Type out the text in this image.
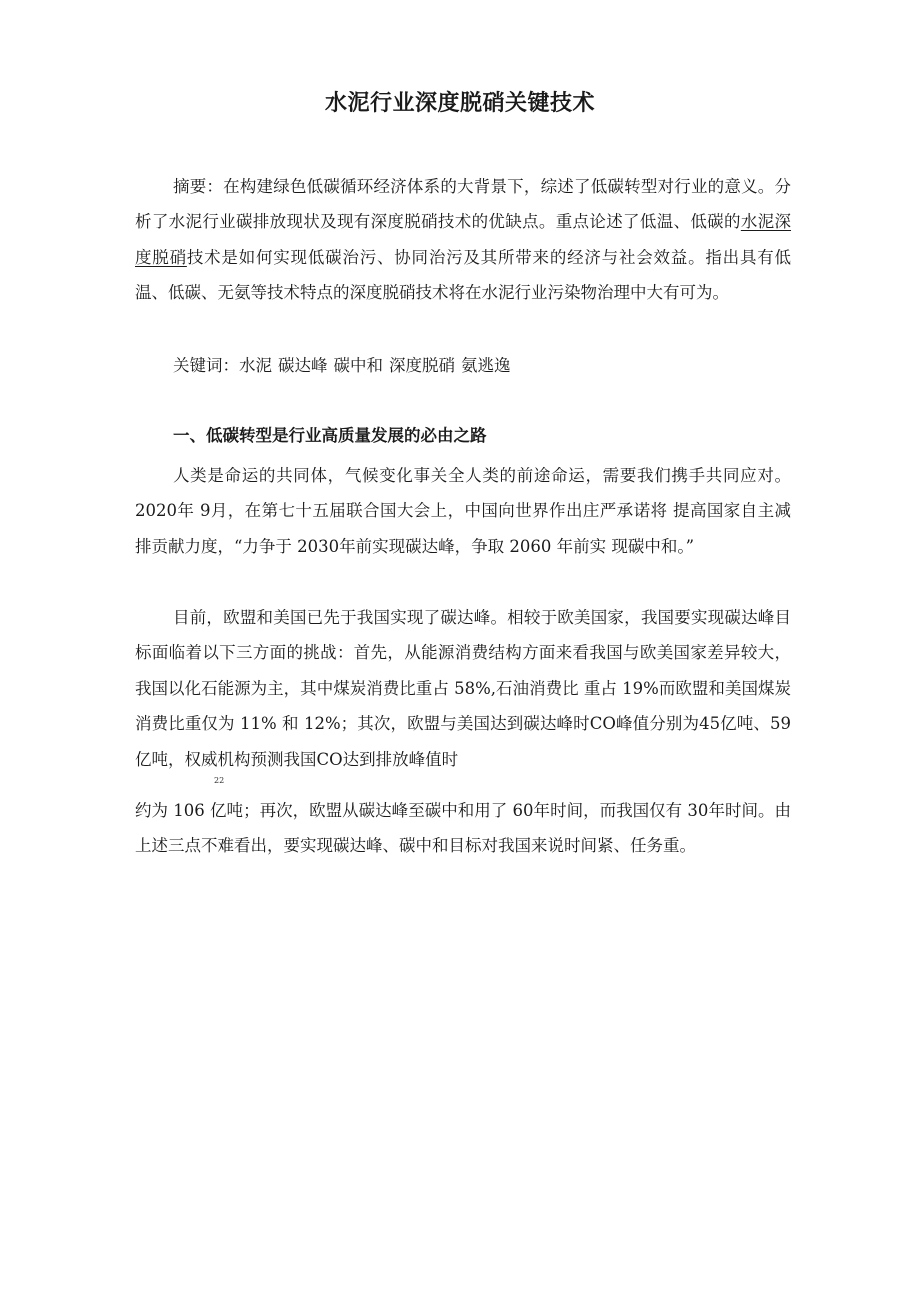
水泥行业深度脱硝关键技术

摘要：在构建绿色低碳循环经济体系的大背景下，综述了低碳转型对行业的意义。分析了水泥行业碳排放现状及现有深度脱硝技术的优缺点。重点论述了低温、低碳的水泥深度脱硝技术是如何实现低碳治污、协同治污及其所带来的经济与社会效益。指出具有低温、低碳、无氨等技术特点的深度脱硝技术将在水泥行业污染物治理中大有可为。

关键词：水泥 碳达峰 碳中和 深度脱硝 氨逃逸

一、低碳转型是行业高质量发展的必由之路

人类是命运的共同体，气候变化事关全人类的前途命运，需要我们携手共同应对。2020年 9月，在第七十五届联合国大会上，中国向世界作出庄严承诺将 提高国家自主减排贡献力度，“力争于 2030年前实现碳达峰，争取 2060 年前实 现碳中和。”

目前，欧盟和美国已先于我国实现了碳达峰。相较于欧美国家，我国要实现碳达峰目标面临着以下三方面的挑战：首先，从能源消费结构方面来看我国与欧美国家差异较大，我国以化石能源为主，其中煤炭消费比重占 58%,石油消费比 重占 19%而欧盟和美国煤炭消费比重仅为 11% 和 12%；其次，欧盟与美国达到碳达峰时CO峰值分别为45亿吨、59亿吨，权威机构预测我国CO达到排放峰值时

22

约为 106 亿吨；再次，欧盟从碳达峰至碳中和用了 60年时间，而我国仅有 30年时间。由上述三点不难看出，要实现碳达峰、碳中和目标对我国来说时间紧、任务重。
